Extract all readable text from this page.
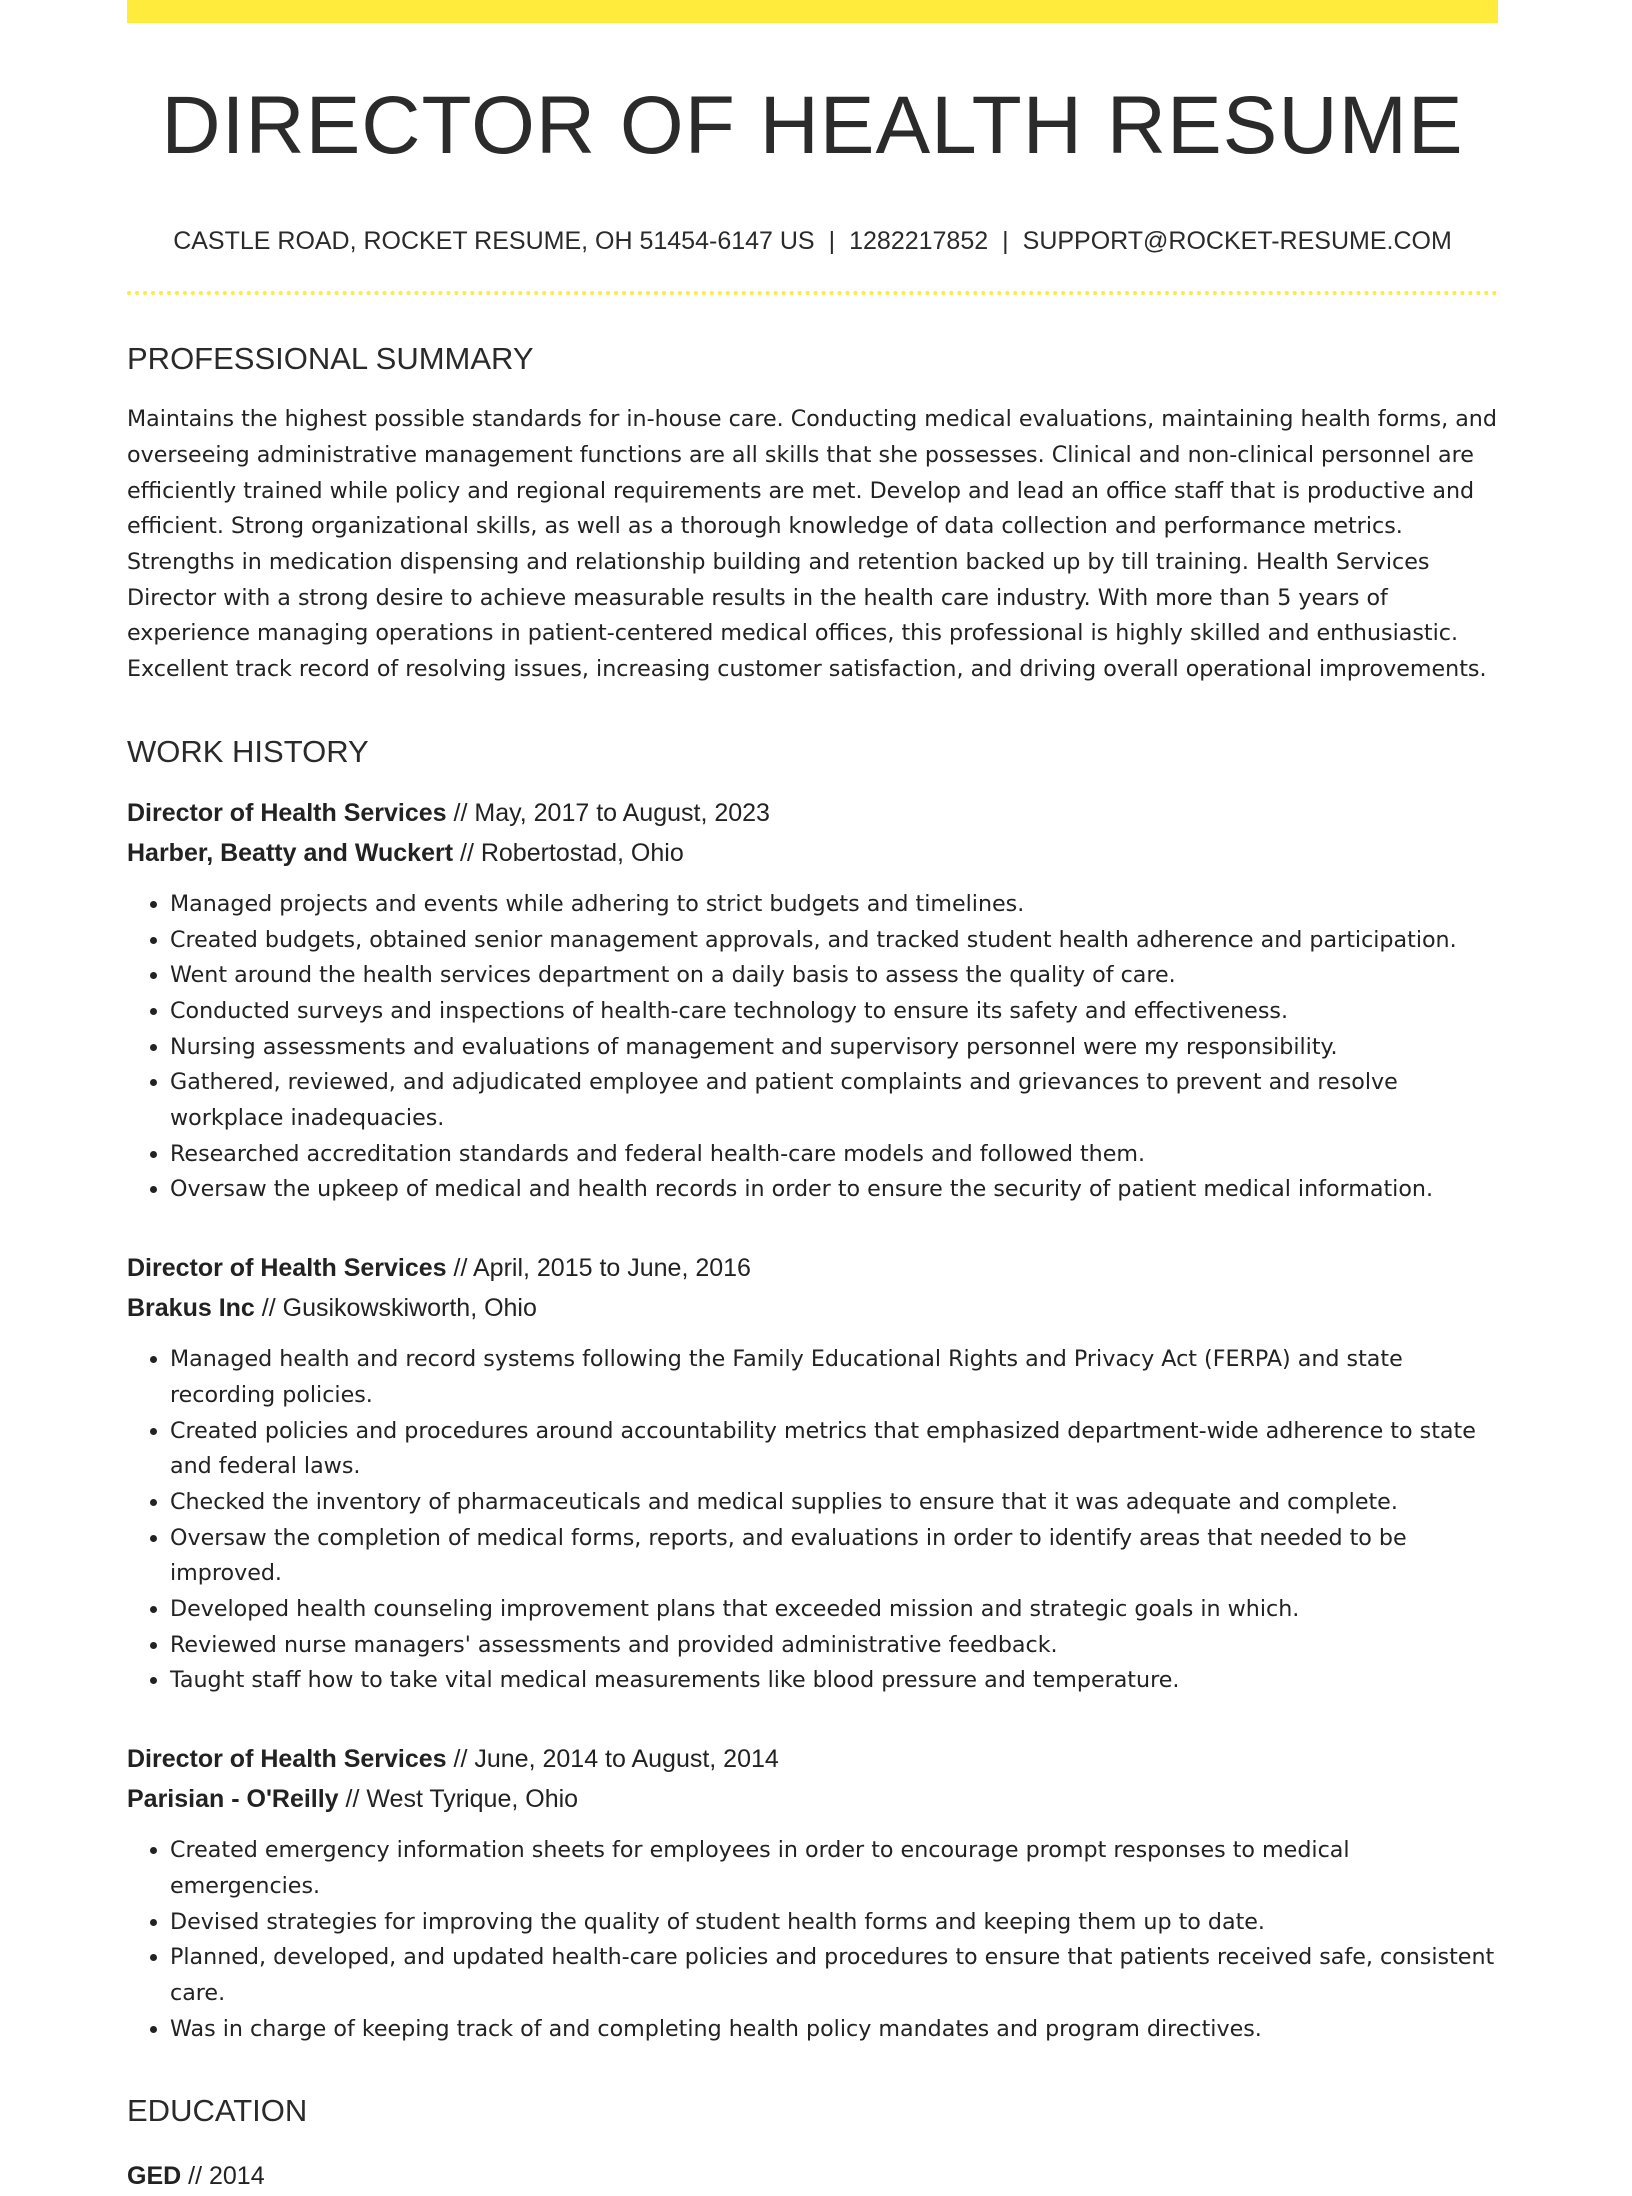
DIRECTOR OF HEALTH RESUME
CASTLE ROAD, ROCKET RESUME, OH 51454-6147 US | 1282217852 | SUPPORT@ROCKET-RESUME.COM
PROFESSIONAL SUMMARY

Maintains the highest possible standards for in-house care. Conducting medical evaluations, maintaining health forms, and overseeing administrative management functions are all skills that she possesses. Clinical and non-clinical personnel are efficiently trained while policy and regional requirements are met. Develop and lead an office staff that is productive and efficient. Strong organizational skills, as well as a thorough knowledge of data collection and performance metrics. Strengths in medication dispensing and relationship building and retention backed up by till training. Health Services Director with a strong desire to achieve measurable results in the health care industry. With more than 5 years of experience managing operations in patient-centered medical offices, this professional is highly skilled and enthusiastic. Excellent track record of resolving issues, increasing customer satisfaction, and driving overall operational improvements.

WORK HISTORY
Director of Health Services // May, 2017 to August, 2023
Harber, Beatty and Wuckert // Robertostad, Ohio
• Managed projects and events while adhering to strict budgets and timelines.
• Created budgets, obtained senior management approvals, and tracked student health adherence and participation.
• Went around the health services department on a daily basis to assess the quality of care.
• Conducted surveys and inspections of health-care technology to ensure its safety and effectiveness.
• Nursing assessments and evaluations of management and supervisory personnel were my responsibility.
• Gathered, reviewed, and adjudicated employee and patient complaints and grievances to prevent and resolve workplace inadequacies.
• Researched accreditation standards and federal health-care models and followed them.
• Oversaw the upkeep of medical and health records in order to ensure the security of patient medical information.
Director of Health Services // April, 2015 to June, 2016
Brakus Inc // Gusikowskiworth, Ohio
• Managed health and record systems following the Family Educational Rights and Privacy Act (FERPA) and state recording policies.
• Created policies and procedures around accountability metrics that emphasized department-wide adherence to state and federal laws.
• Checked the inventory of pharmaceuticals and medical supplies to ensure that it was adequate and complete.
• Oversaw the completion of medical forms, reports, and evaluations in order to identify areas that needed to be improved.
• Developed health counseling improvement plans that exceeded mission and strategic goals in which.
• Reviewed nurse managers' assessments and provided administrative feedback.
• Taught staff how to take vital medical measurements like blood pressure and temperature.
Director of Health Services // June, 2014 to August, 2014
Parisian - O'Reilly // West Tyrique, Ohio
• Created emergency information sheets for employees in order to encourage prompt responses to medical emergencies.
• Devised strategies for improving the quality of student health forms and keeping them up to date.
• Planned, developed, and updated health-care policies and procedures to ensure that patients received safe, consistent care.
• Was in charge of keeping track of and completing health policy mandates and program directives.
EDUCATION
GED // 2014
